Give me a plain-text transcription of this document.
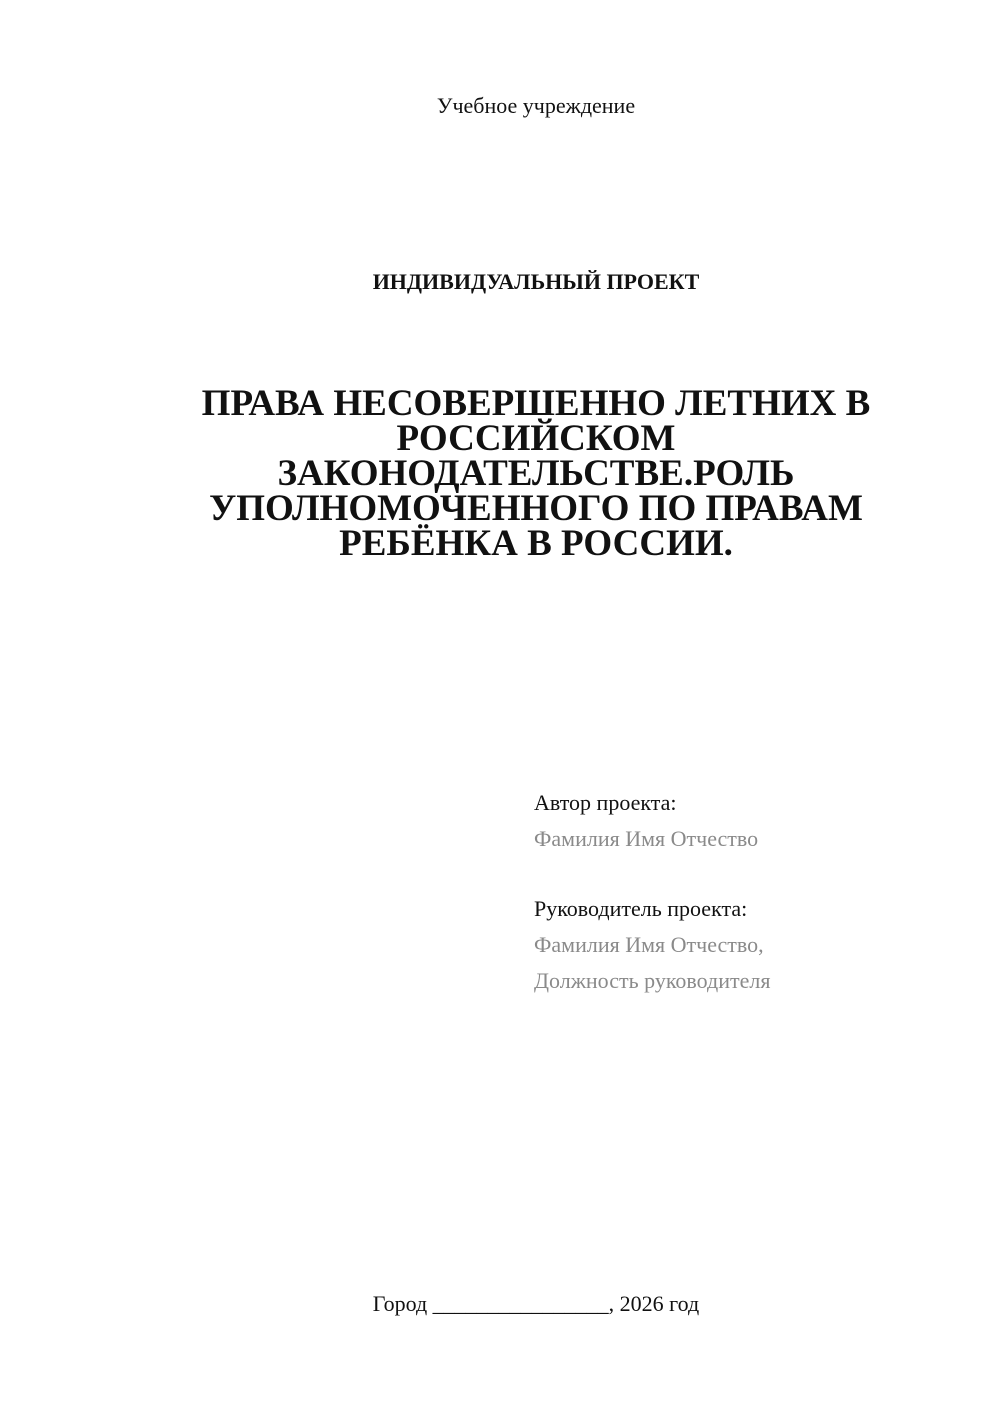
Учебное учреждение
ИНДИВИДУАЛЬНЫЙ ПРОЕКТ
ПРАВА НЕСОВЕРШЕННО ЛЕТНИХ В
РОССИЙСКОМ
ЗАКОНОДАТЕЛЬСТВЕ.РОЛЬ
УПОЛНОМОЧЕННОГО ПО ПРАВАМ
РЕБЁНКА В РОССИИ.
Автор проекта:
Фамилия Имя Отчество
Руководитель проекта:
Фамилия Имя Отчество,
Должность руководителя
Город ________________, 2026 год
